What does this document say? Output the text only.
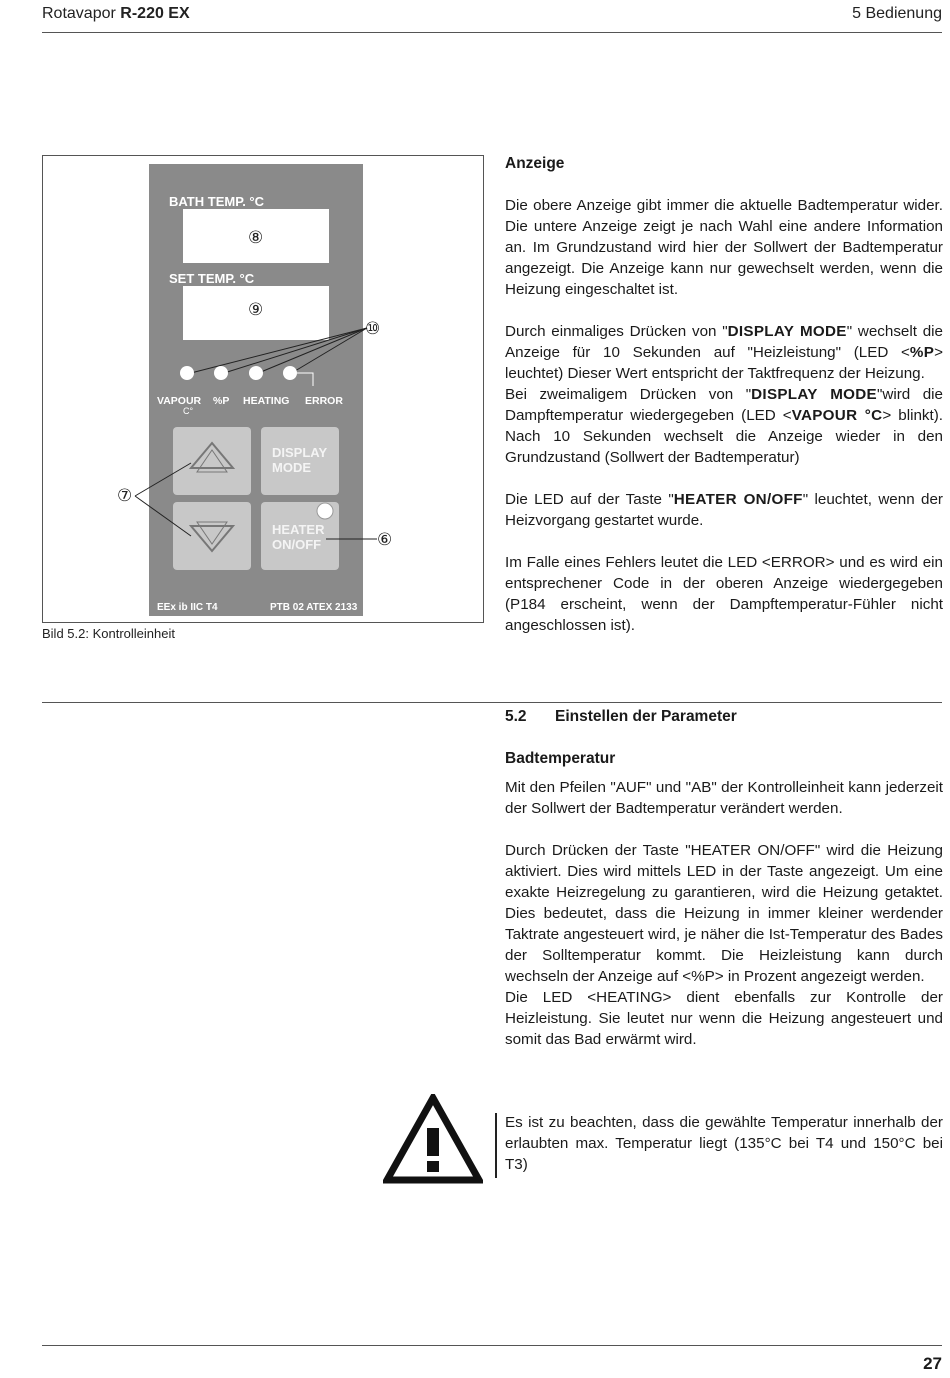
Rotavapor R-220 EX	5 Bedienung
BATH TEMP. °C
⑧
SET TEMP. °C
⑨
⑩
VAPOUR
C°
%P HEATING ERROR
DISPLAY
MODE
HEATER
ON/OFF
⑦
⑥
EEx ib IIC T4	PTB 02 ATEX 2133
Bild 5.2: Kontrolleinheit

Anzeige

Die obere Anzeige gibt immer die aktuelle Badtemperatur wider. Die untere Anzeige zeigt je nach Wahl eine andere Information an. Im Grundzustand wird hier der Sollwert der Badtemperatur angezeigt. Die Anzeige kann nur gewechselt werden, wenn die Heizung eingeschaltet ist.

Durch einmaliges Drücken von "DISPLAY MODE" wechselt die Anzeige für 10 Sekunden auf "Heizleistung" (LED <%P> leuchtet) Dieser Wert entspricht der Taktfrequenz der Heizung.

Bei zweimaligem Drücken von "DISPLAY MODE"wird die Dampftemperatur wiedergegeben (LED <VAPOUR °C> blinkt). Nach 10 Sekunden wechselt die Anzeige wieder in den Grundzustand (Sollwert der Badtemperatur)

Die LED auf der Taste "HEATER ON/OFF" leuchtet, wenn der Heizvorgang gestartet wurde.

Im Falle eines Fehlers leutet die LED <ERROR> und es wird ein entsprechener Code in der oberen Anzeige wiedergegeben (P184 erscheint, wenn der Dampftemperatur-Fühler nicht angeschlossen ist).

5.2 Einstellen der Parameter

Badtemperatur

Mit den Pfeilen "AUF" und "AB" der Kontrolleinheit kann jederzeit der Sollwert der Badtemperatur verändert werden.

Durch Drücken der Taste "HEATER ON/OFF" wird die Heizung aktiviert. Dies wird mittels LED in der Taste angezeigt. Um eine exakte Heizregelung zu garantieren, wird die Heizung getaktet. Dies bedeutet, dass die Heizung in immer kleiner werdender Taktrate angesteuert wird, je näher die Ist-Temperatur des Bades der Solltemperatur kommt. Die Heizleistung kann durch wechseln der Anzeige auf <%P> in Prozent angezeigt werden.

Die LED <HEATING> dient ebenfalls zur Kontrolle der Heizleistung. Sie leutet nur wenn die Heizung angesteuert und somit das Bad erwärmt wird.

Es ist zu beachten, dass die gewählte Temperatur innerhalb der erlaubten max. Temperatur liegt (135°C bei T4 und 150°C bei T3)

27
